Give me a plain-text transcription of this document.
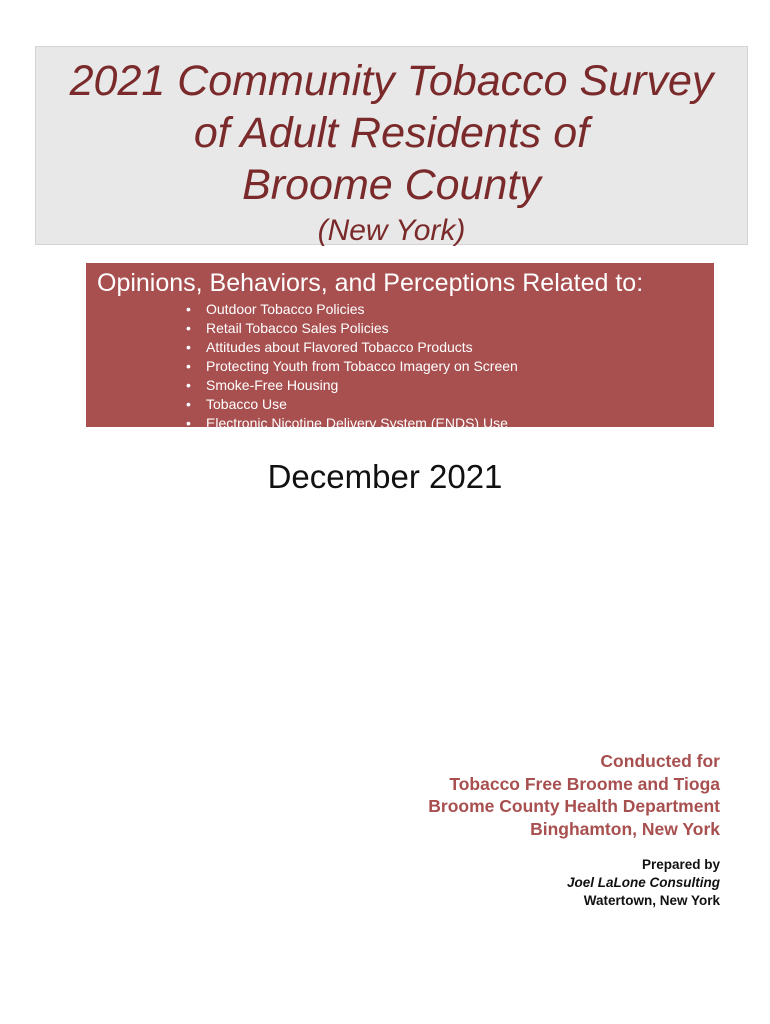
2021 Community Tobacco Survey
of Adult Residents of
Broome County
(New York)
Opinions, Behaviors, and Perceptions Related to:
• Outdoor Tobacco Policies
• Retail Tobacco Sales Policies
• Attitudes about Flavored Tobacco Products
• Protecting Youth from Tobacco Imagery on Screen
• Smoke-Free Housing
• Tobacco Use
• Electronic Nicotine Delivery System (ENDS) Use
December 2021
Conducted for
Tobacco Free Broome and Tioga
Broome County Health Department
Binghamton, New York
Prepared by
Joel LaLone Consulting
Watertown, New York
